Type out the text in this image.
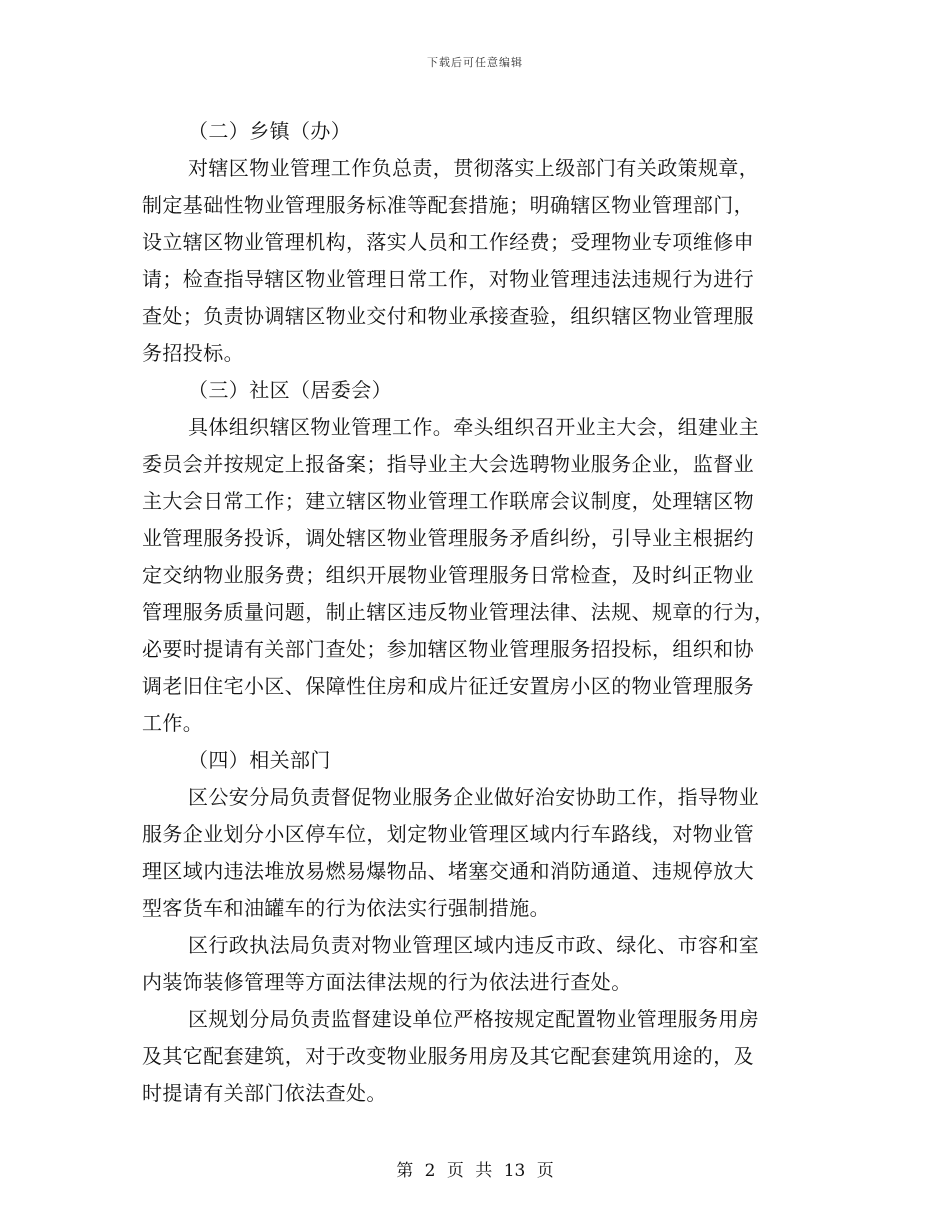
下载后可任意编辑
（二）乡镇（办）
对辖区物业管理工作负总责，贯彻落实上级部门有关政策规章，
制定基础性物业管理服务标准等配套措施；明确辖区物业管理部门，
设立辖区物业管理机构，落实人员和工作经费；受理物业专项维修申
请；检查指导辖区物业管理日常工作，对物业管理违法违规行为进行
查处；负责协调辖区物业交付和物业承接查验，组织辖区物业管理服
务招投标。
（三）社区（居委会）
具体组织辖区物业管理工作。牵头组织召开业主大会，组建业主
委员会并按规定上报备案；指导业主大会选聘物业服务企业，监督业
主大会日常工作；建立辖区物业管理工作联席会议制度，处理辖区物
业管理服务投诉，调处辖区物业管理服务矛盾纠纷，引导业主根据约
定交纳物业服务费；组织开展物业管理服务日常检查，及时纠正物业
管理服务质量问题，制止辖区违反物业管理法律、法规、规章的行为，
必要时提请有关部门查处；参加辖区物业管理服务招投标，组织和协
调老旧住宅小区、保障性住房和成片征迁安置房小区的物业管理服务
工作。
（四）相关部门
区公安分局负责督促物业服务企业做好治安协助工作，指导物业
服务企业划分小区停车位，划定物业管理区域内行车路线，对物业管
理区域内违法堆放易燃易爆物品、堵塞交通和消防通道、违规停放大
型客货车和油罐车的行为依法实行强制措施。
区行政执法局负责对物业管理区域内违反市政、绿化、市容和室
内装饰装修管理等方面法律法规的行为依法进行查处。
区规划分局负责监督建设单位严格按规定配置物业管理服务用房
及其它配套建筑，对于改变物业服务用房及其它配套建筑用途的，及
时提请有关部门依法查处。
第 2 页 共 13 页
